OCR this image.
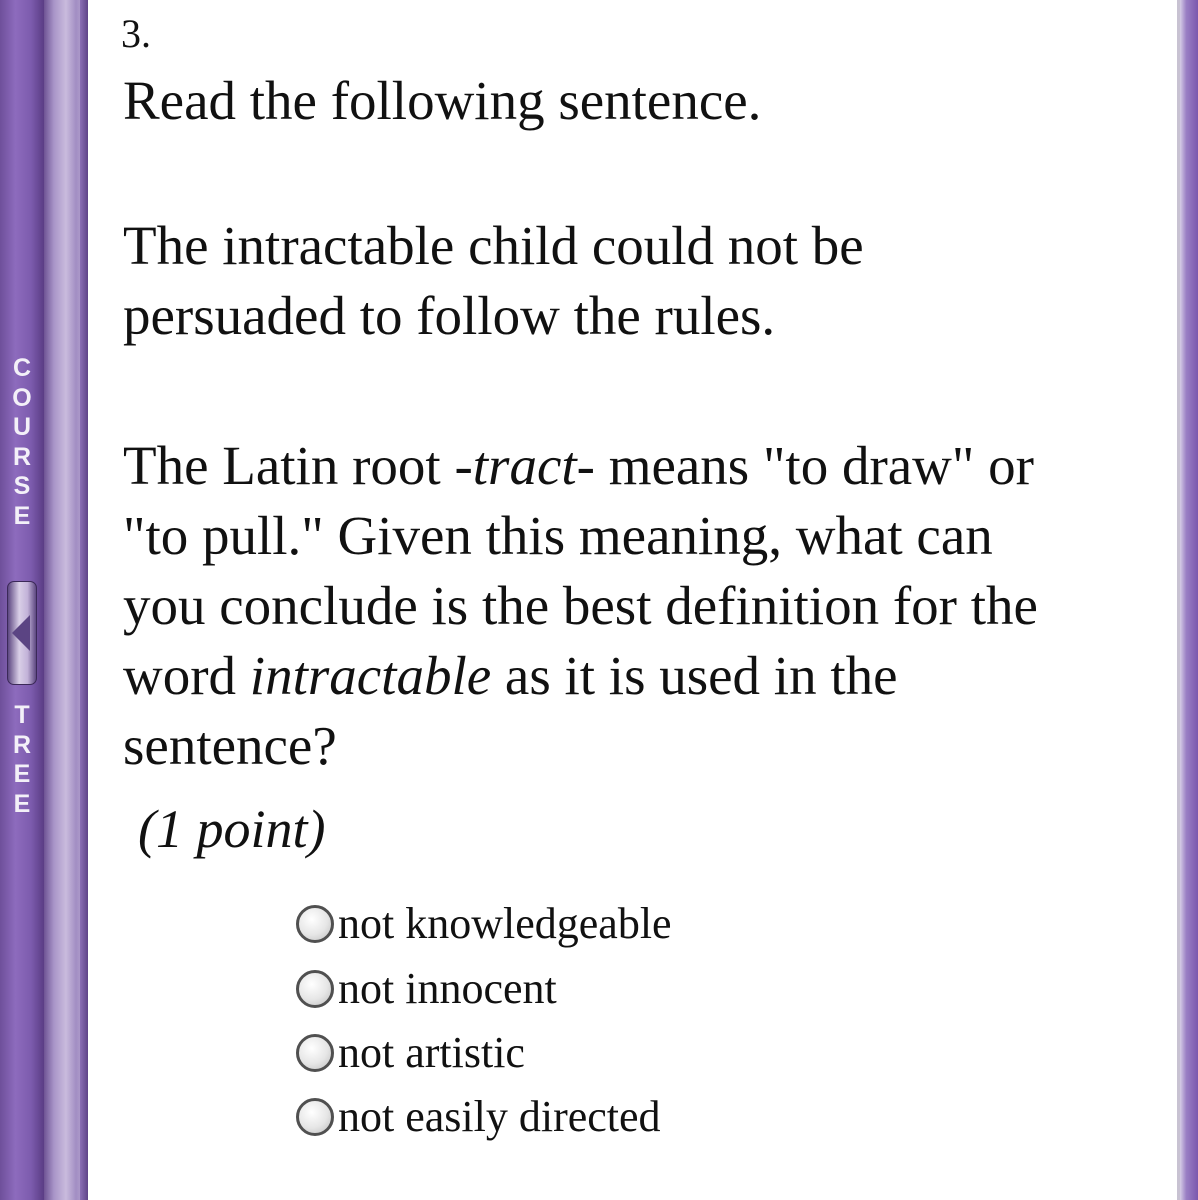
C
O
U
R
S
E
T
R
E
E
3.

Read the following sentence.

The intractable child could not be persuaded to follow the rules.

The Latin root -tract- means "to draw" or "to pull." Given this meaning, what can you conclude is the best definition for the word intractable as it is used in the sentence?

(1 point)
not knowledgeable
not innocent
not artistic
not easily directed
